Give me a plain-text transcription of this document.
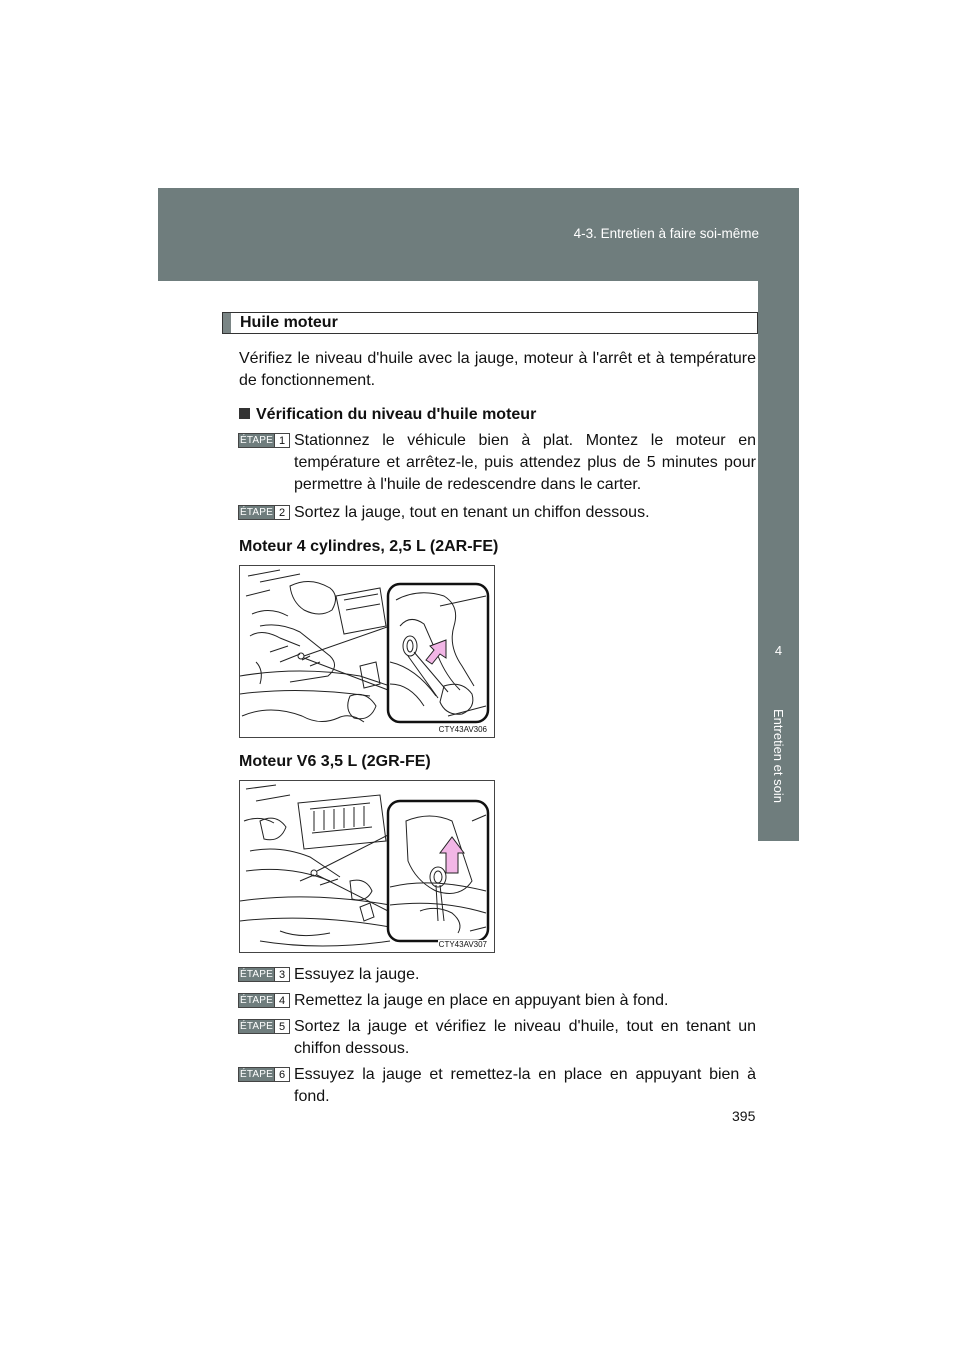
4-3. Entretien à faire soi-même
4
Entretien et soin
Huile moteur
Vérifiez le niveau d'huile avec la jauge, moteur à l'arrêt et à température de fonctionnement.
Vérification du niveau d'huile moteur
ÉTAPE 1 Stationnez le véhicule bien à plat. Montez le moteur en température et arrêtez-le, puis attendez plus de 5 minutes pour permettre à l'huile de redescendre dans le carter.
ÉTAPE 2 Sortez la jauge, tout en tenant un chiffon dessous.
Moteur 4 cylindres, 2,5 L (2AR-FE)
CTY43AV306
Moteur V6 3,5 L (2GR-FE)
CTY43AV307
ÉTAPE 3 Essuyez la jauge.
ÉTAPE 4 Remettez la jauge en place en appuyant bien à fond.
ÉTAPE 5 Sortez la jauge et vérifiez le niveau d'huile, tout en tenant un chiffon dessous.
ÉTAPE 6 Essuyez la jauge et remettez-la en place en appuyant bien à fond.
395
